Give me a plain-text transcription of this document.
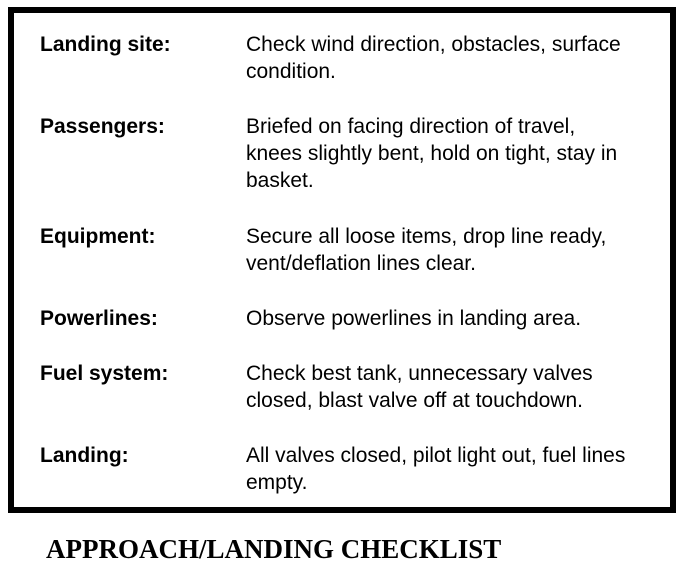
Landing site:	Check wind direction, obstacles, surface
condition.
Passengers:	Briefed on facing direction of travel,
knees slightly bent, hold on tight, stay in
basket.
Equipment:	Secure all loose items, drop line ready,
vent/deflation lines clear.
Powerlines:	Observe powerlines in landing area.
Fuel system:	Check best tank, unnecessary valves
closed, blast valve off at touchdown.
Landing:	All valves closed, pilot light out, fuel lines
empty.
APPROACH/LANDING CHECKLIST
